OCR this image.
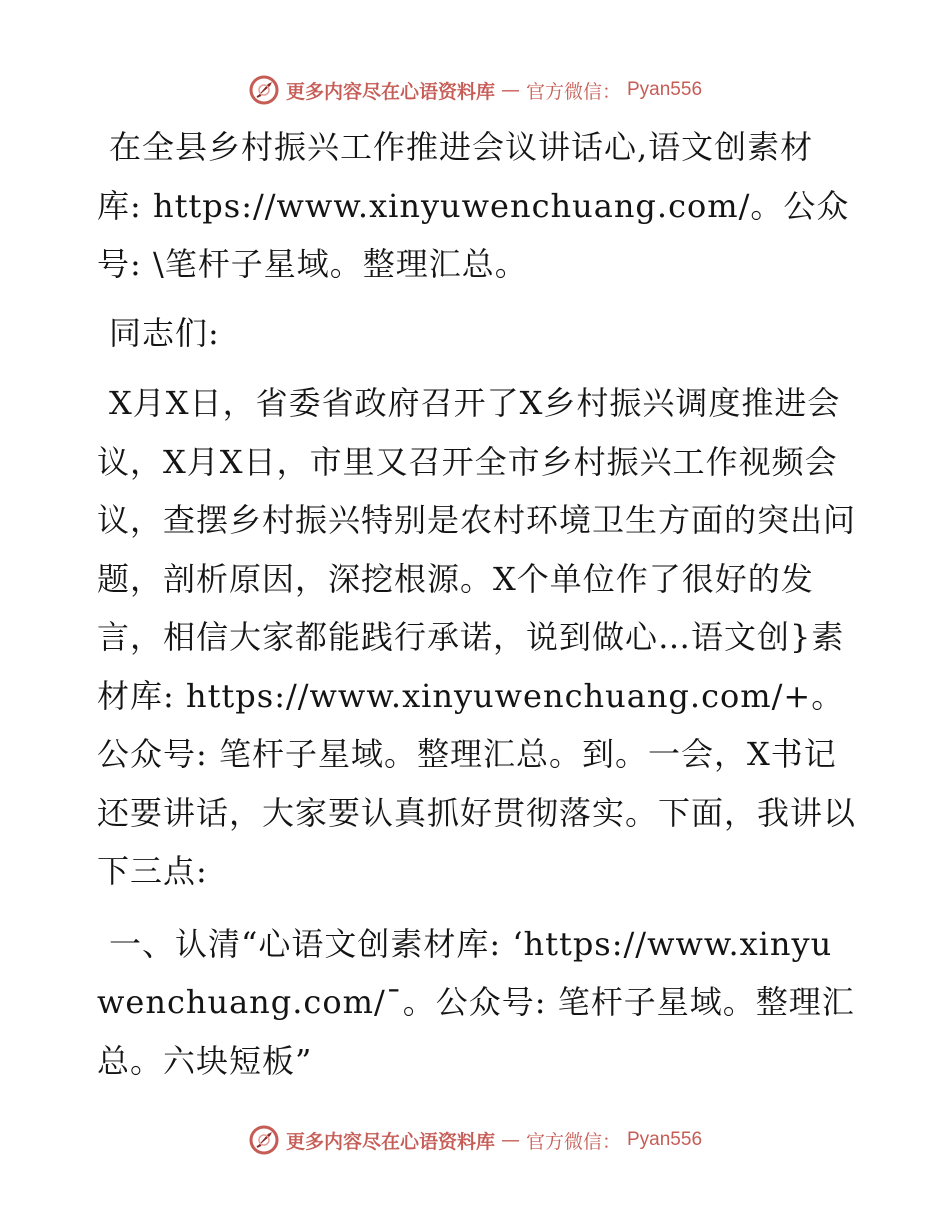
更多内容尽在心语资料库 — 官方微信： Pyan556

在全县乡村振兴工作推进会议讲话心,语文创素材库: https://www.xinyuwenchuang.com/。公众号: \笔杆子星域。整理汇总。

同志们:

X月X日，省委省政府召开了X乡村振兴调度推进会议，X月X日，市里又召开全市乡村振兴工作视频会议，查摆乡村振兴特别是农村环境卫生方面的突出问题，剖析原因，深挖根源。X个单位作了很好的发言，相信大家都能践行承诺，说到做心…语文创}素材库: https://www.xinyuwenchuang.com/+。公众号: 笔杆子星域。整理汇总。到。一会，X书记还要讲话，大家要认真抓好贯彻落实。下面，我讲以下三点:

一、认清“心语文创素材库: ‘https://www.xinyuwenchuang.com/¯。公众号: 笔杆子星域。整理汇总。六块短板”

更多内容尽在心语资料库 — 官方微信： Pyan556
